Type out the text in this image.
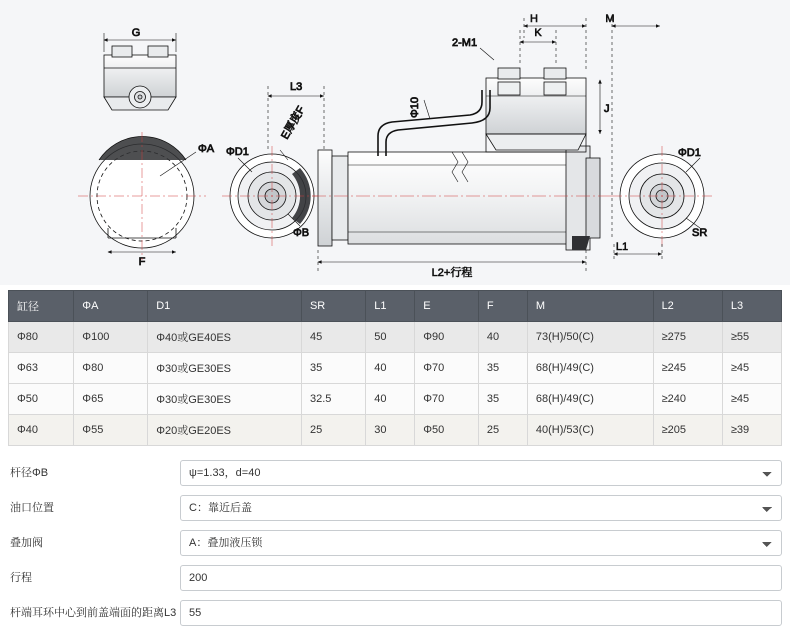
G
F
ΦA ΦD1
ΦB
E厚度F
L3
Φ10
ΦD1
SR
K
H	M
2-M1
J
L2+行程
L1
缸径	ΦA	D1	SR	L1	E	F	M	L2	L3
Φ80	Φ100	Φ40或GE40ES	45	50	Φ90	40	73(H)/50(C)	≥275	≥55
Φ63	Φ80	Φ30或GE30ES	35	40	Φ70	35	68(H)/49(C)	≥245	≥45
Φ50	Φ65	Φ30或GE30ES	32.5	40	Φ70	35	68(H)/49(C)	≥240	≥45
Φ40	Φ55	Φ20或GE20ES	25	30	Φ50	25	40(H)/53(C)	≥205	≥39
杆径ΦB
ψ=1.33，d=40
油口位置
C：靠近后盖
叠加阀
A：叠加液压锁
行程
200
杆端耳环中心到前盖端面的距离L3
55
